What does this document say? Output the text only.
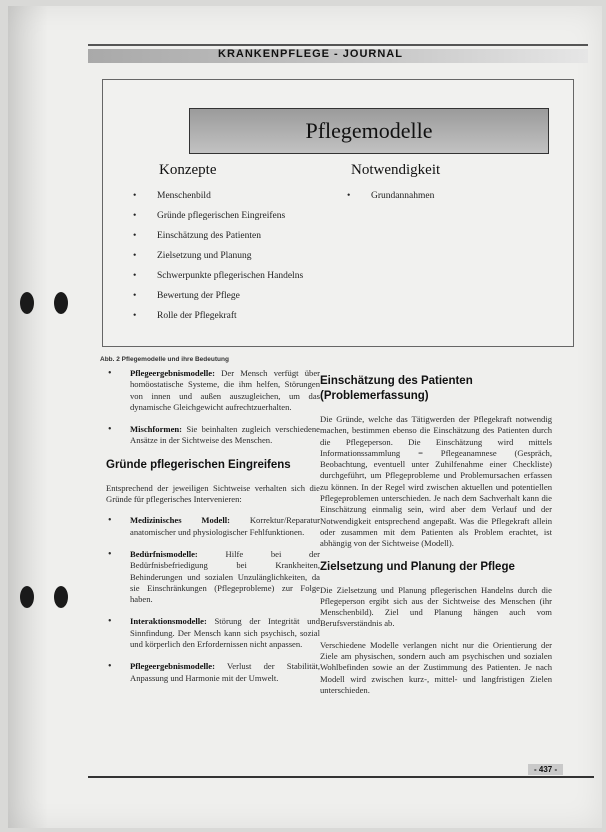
KRANKENPFLEGE - JOURNAL
Pflegemodelle
Konzepte	Notwendigkeit
• Menschenbild
• Gründe pflegerischen Eingreifens
• Einschätzung des Patienten
• Zielsetzung und Planung
• Schwerpunkte pflegerischen Handelns
• Bewertung der Pflege
• Rolle der Pflegekraft
• Grundannahmen
Abb. 2 Pflegemodelle und ihre Bedeutung
• Pflegeergebnismodelle: Der Mensch verfügt über homöostatische Systeme, die ihm helfen, Störungen von innen und außen auszugleichen, um das dynamische Gleichgewicht aufrechtzuerhalten.
• Mischformen: Sie beinhalten zugleich verschiedene Ansätze in der Sichtweise des Menschen.
Gründe pflegerischen Eingreifens

Entsprechend der jeweiligen Sichtweise verhalten sich die Gründe für pflegerisches Intervenieren:

• Medizinisches Modell: Korrektur/Reparatur anatomischer und physiologischer Fehlfunktionen.
• Bedürfnismodelle: Hilfe bei der Bedürfnisbefriedigung bei Krankheiten, Behinderungen und sozialen Unzulänglichkeiten, da sie Einschränkungen (Pflegeprobleme) zur Folge haben.
• Interaktionsmodelle: Störung der Integrität und Sinnfindung. Der Mensch kann sich psychisch, sozial und körperlich den Erfordernissen nicht anpassen.
• Pflegeergebnismodelle: Verlust der Stabilität, Anpassung und Harmonie mit der Umwelt.
Einschätzung des Patienten (Problemerfassung)

Die Gründe, welche das Tätigwerden der Pflegekraft notwendig machen, bestimmen ebenso die Einschätzung des Patienten durch die Pflegeperson. Die Einschätzung wird mittels Informationssammlung = Pflegeanamnese (Gespräch, Beobachtung, eventuell unter Zuhilfenahme einer Checkliste) durchgeführt, um Pflegeprobleme und Problemursachen erfassen zu können. In der Regel wird zwischen aktuellen und potentiellen Pflegeproblemen unterschieden. Je nach dem Sachverhalt kann die Einschätzung einmalig sein, wird aber dem Verlauf und der Notwendigkeit entsprechend angepaßt. Was die Pflegekraft allein oder zusammen mit dem Patienten als Problem erachtet, ist abhängig von der Sichtweise (Modell).

Zielsetzung und Planung der Pflege

Die Zielsetzung und Planung pflegerischen Handelns durch die Pflegeperson ergibt sich aus der Sichtweise des Menschen (ihr Menschenbild). Ziel und Planung hängen auch vom Berufsverständnis ab.

Verschiedene Modelle verlangen nicht nur die Orientierung der Ziele am physischen, sondern auch am psychischen und sozialen Wohlbefinden sowie an der Zustimmung des Patienten. Je nach Modell wird zwischen kurz-, mittel- und langfristigen Zielen unterschieden.

- 437 -
